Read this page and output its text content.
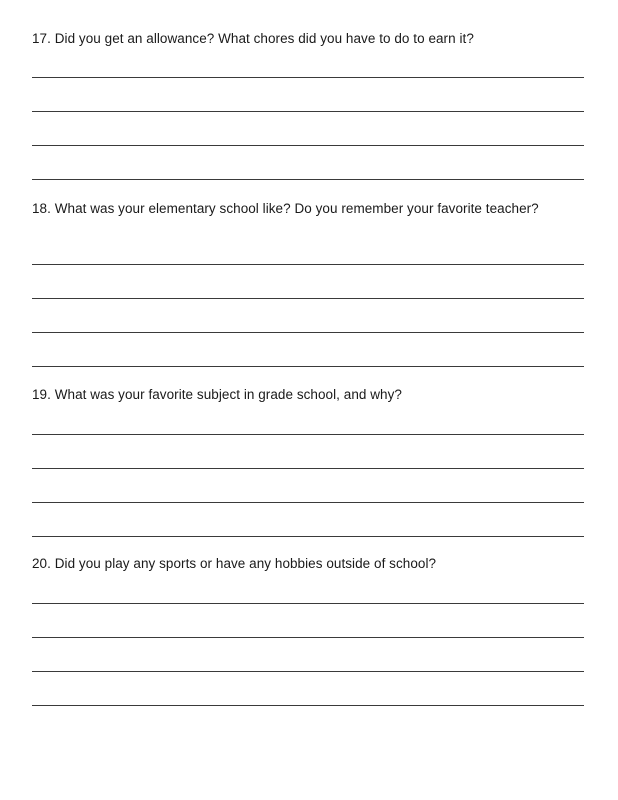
17. Did you get an allowance? What chores did you have to do to earn it?

18. What was your elementary school like? Do you remember your favorite teacher?

19. What was your favorite subject in grade school, and why?

20. Did you play any sports or have any hobbies outside of school?
